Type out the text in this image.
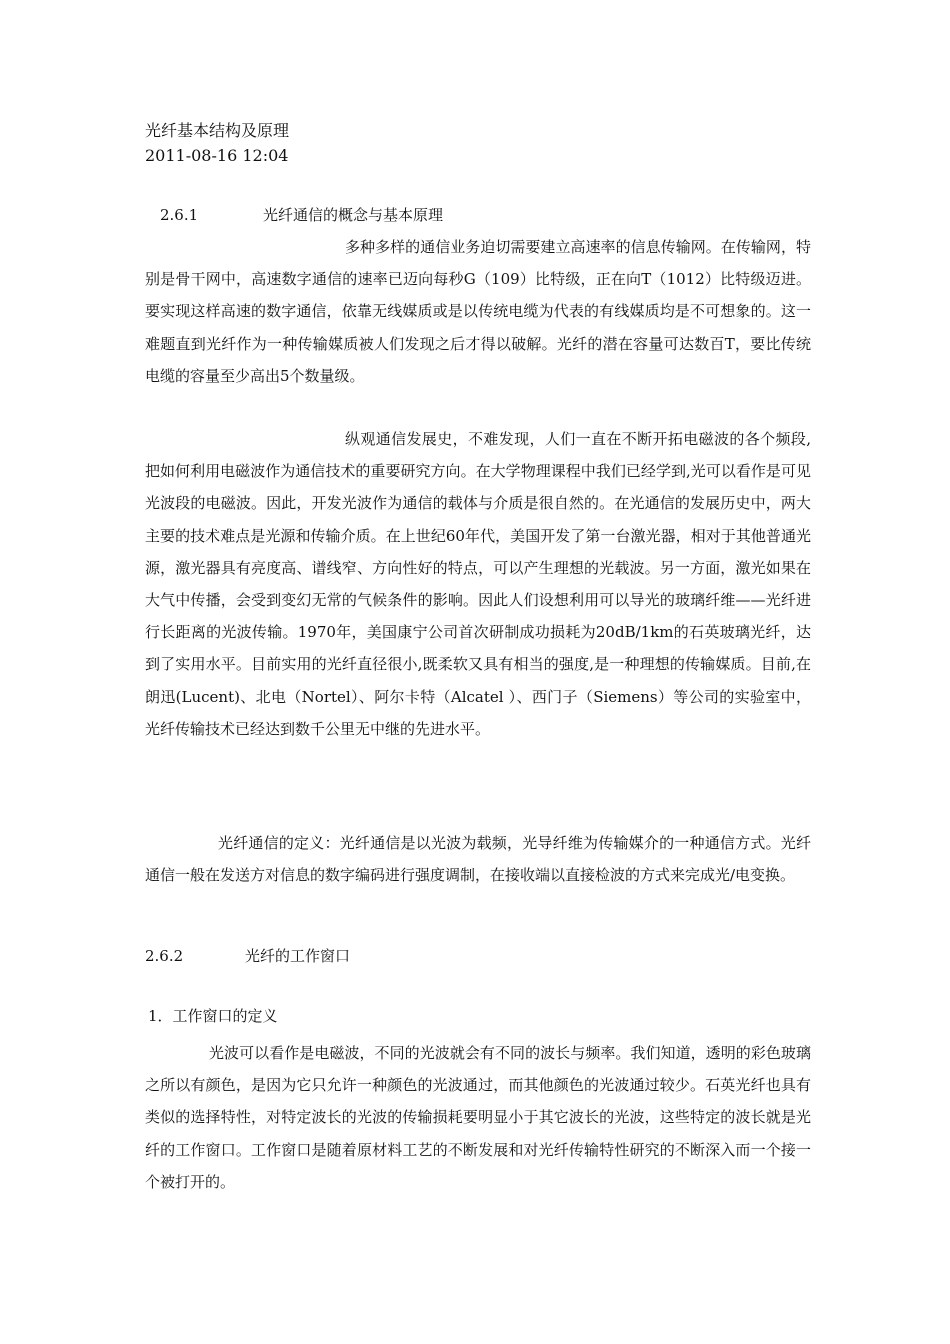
光纤基本结构及原理
2011-08-16 12:04
2.6.1	光纤通信的概念与基本原理

多种多样的通信业务迫切需要建立高速率的信息传输网。在传输网，特别是骨干网中，高速数字通信的速率已迈向每秒G（109）比特级，正在向T（1012）比特级迈进。要实现这样高速的数字通信，依靠无线媒质或是以传统电缆为代表的有线媒质均是不可想象的。这一难题直到光纤作为一种传输媒质被人们发现之后才得以破解。光纤的潜在容量可达数百T，要比传统电缆的容量至少高出5个数量级。

纵观通信发展史，不难发现，人们一直在不断开拓电磁波的各个频段,把如何利用电磁波作为通信技术的重要研究方向。在大学物理课程中我们已经学到,光可以看作是可见光波段的电磁波。因此，开发光波作为通信的载体与介质是很自然的。在光通信的发展历史中，两大主要的技术难点是光源和传输介质。在上世纪60年代，美国开发了第一台激光器，相对于其他普通光源，激光器具有亮度高、谱线窄、方向性好的特点，可以产生理想的光载波。另一方面，激光如果在大气中传播，会受到变幻无常的气候条件的影响。因此人们设想利用可以导光的玻璃纤维——光纤进行长距离的光波传输。1970年，美国康宁公司首次研制成功损耗为20dB/1km的石英玻璃光纤，达到了实用水平。目前实用的光纤直径很小,既柔软又具有相当的强度,是一种理想的传输媒质。目前,在朗迅(Lucent)、北电（Nortel）、阿尔卡特（Alcatel ）、西门子（Siemens）等公司的实验室中，光纤传输技术已经达到数千公里无中继的先进水平。

光纤通信的定义：光纤通信是以光波为载频，光导纤维为传输媒介的一种通信方式。光纤通信一般在发送方对信息的数字编码进行强度调制，在接收端以直接检波的方式来完成光/电变换。

2.6.2	光纤的工作窗口
1．工作窗口的定义

光波可以看作是电磁波，不同的光波就会有不同的波长与频率。我们知道，透明的彩色玻璃之所以有颜色，是因为它只允许一种颜色的光波通过，而其他颜色的光波通过较少。石英光纤也具有类似的选择特性，对特定波长的光波的传输损耗要明显小于其它波长的光波，这些特定的波长就是光纤的工作窗口。工作窗口是随着原材料工艺的不断发展和对光纤传输特性研究的不断深入而一个接一个被打开的。
